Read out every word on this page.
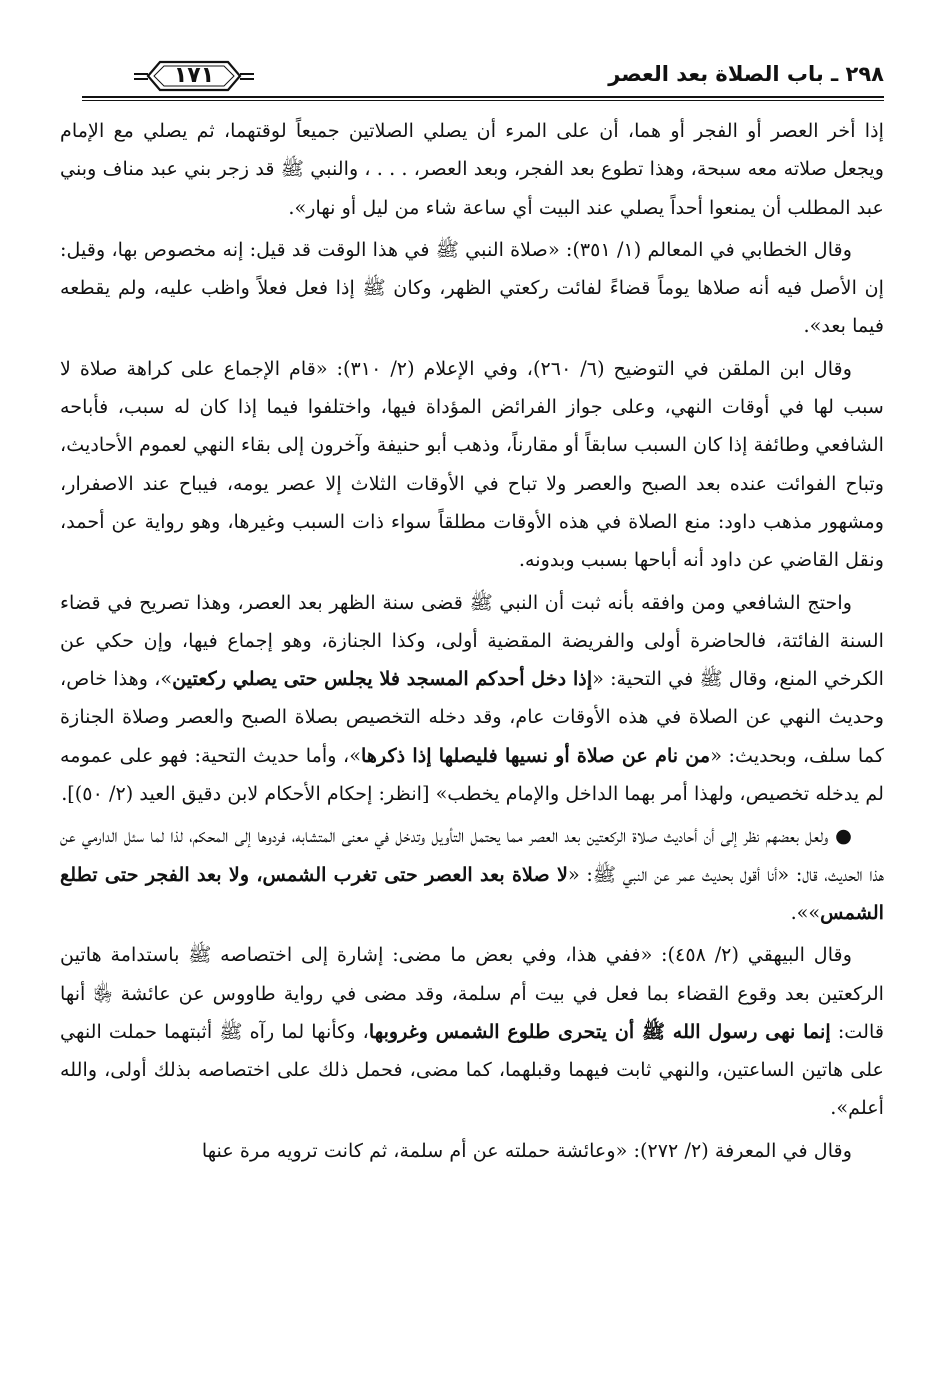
٢٩٨ ـ باب الصلاة بعد العصر
١٧١

إذا أخر العصر أو الفجر أو هما، أن على المرء أن يصلي الصلاتين جميعاً لوقتهما، ثم يصلي مع الإمام ويجعل صلاته معه سبحة، وهذا تطوع بعد الفجر، وبعد العصر، . . . ، والنبي ﷺ قد زجر بني عبد مناف وبني عبد المطلب أن يمنعوا أحداً يصلي عند البيت أي ساعة شاء من ليل أو نهار».

وقال الخطابي في المعالم (١/ ٣٥١): «صلاة النبي ﷺ في هذا الوقت قد قيل: إنه مخصوص بها، وقيل: إن الأصل فيه أنه صلاها يوماً قضاءً لفائت ركعتي الظهر، وكان ﷺ إذا فعل فعلاً واظب عليه، ولم يقطعه فيما بعد».

وقال ابن الملقن في التوضيح (٦/ ٢٦٠)، وفي الإعلام (٢/ ٣١٠): «قام الإجماع على كراهة صلاة لا سبب لها في أوقات النهي، وعلى جواز الفرائض المؤداة فيها، واختلفوا فيما إذا كان له سبب، فأباحه الشافعي وطائفة إذا كان السبب سابقاً أو مقارناً، وذهب أبو حنيفة وآخرون إلى بقاء النهي لعموم الأحاديث، وتباح الفوائت عنده بعد الصبح والعصر ولا تباح في الأوقات الثلاث إلا عصر يومه، فيباح عند الاصفرار، ومشهور مذهب داود: منع الصلاة في هذه الأوقات مطلقاً سواء ذات السبب وغيرها، وهو رواية عن أحمد، ونقل القاضي عن داود أنه أباحها بسبب وبدونه.

واحتج الشافعي ومن وافقه بأنه ثبت أن النبي ﷺ قضى سنة الظهر بعد العصر، وهذا تصريح في قضاء السنة الفائتة، فالحاضرة أولى والفريضة المقضية أولى، وكذا الجنازة، وهو إجماع فيها، وإن حكي عن الكرخي المنع، وقال ﷺ في التحية: «إذا دخل أحدكم المسجد فلا يجلس حتى يصلي ركعتين»، وهذا خاص، وحديث النهي عن الصلاة في هذه الأوقات عام، وقد دخله التخصيص بصلاة الصبح والعصر وصلاة الجنازة كما سلف، وبحديث: «من نام عن صلاة أو نسيها فليصلها إذا ذكرها»، وأما حديث التحية: فهو على عمومه لم يدخله تخصيص، ولهذا أمر بهما الداخل والإمام يخطب» [انظر: إحكام الأحكام لابن دقيق العيد (٢/ ٥٠)].

● ولعل بعضهم نظر إلى أن أحاديث صلاة الركعتين بعد العصر مما يحتمل التأويل وتدخل في معنى المتشابه، فردوها إلى المحكم، لذا لما سئل الدارمي عن هذا الحديث، قال: «أنا أقول بحديث عمر عن النبي ﷺ: «لا صلاة بعد العصر حتى تغرب الشمس، ولا بعد الفجر حتى تطلع الشمس»».

وقال البيهقي (٢/ ٤٥٨): «ففي هذا، وفي بعض ما مضى: إشارة إلى اختصاصه ﷺ باستدامة هاتين الركعتين بعد وقوع القضاء بما فعل في بيت أم سلمة، وقد مضى في رواية طاووس عن عائشة ﵂ أنها قالت: إنما نهى رسول الله ﷺ أن يتحرى طلوع الشمس وغروبها، وكأنها لما رآه ﷺ أثبتهما حملت النهي على هاتين الساعتين، والنهي ثابت فيهما وقبلهما، كما مضى، فحمل ذلك على اختصاصه بذلك أولى، والله أعلم».

وقال في المعرفة (٢/ ٢٧٢): «وعائشة حملته عن أم سلمة، ثم كانت ترويه مرة عنها
